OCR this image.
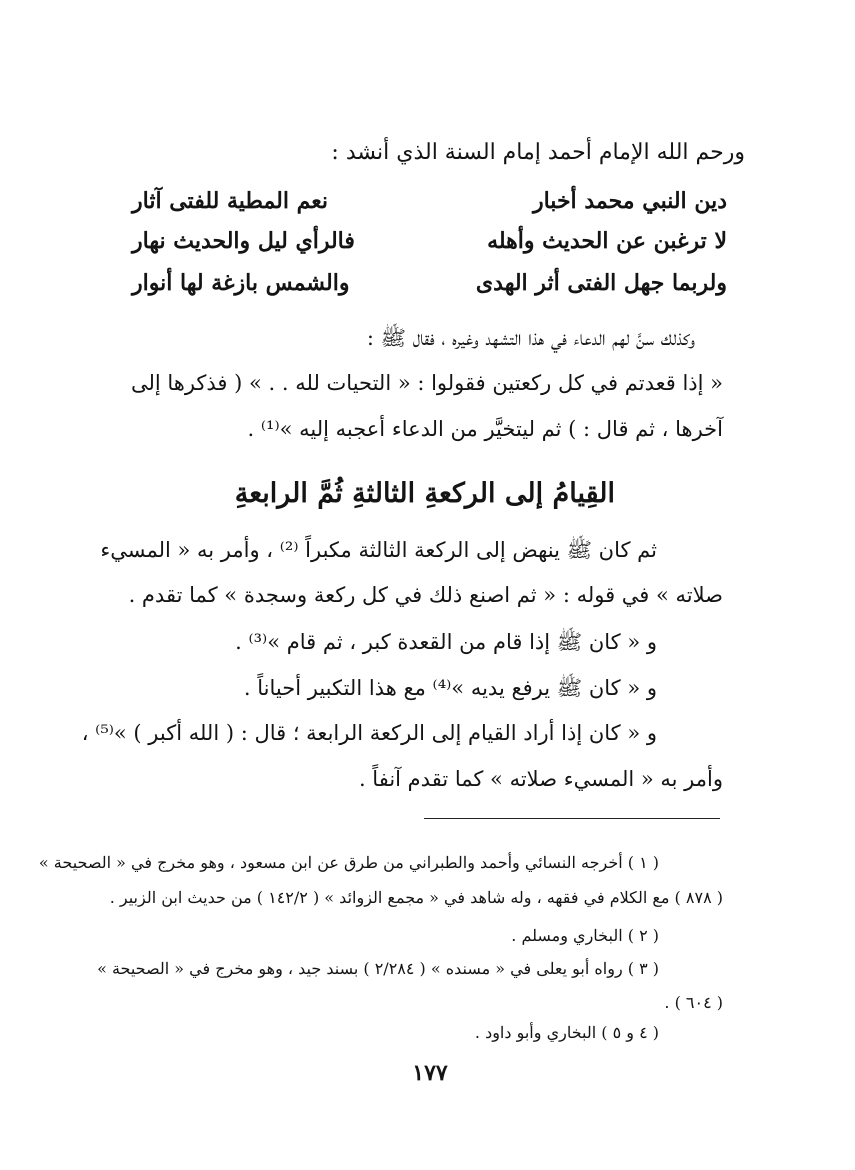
ورحم الله الإمام أحمد إمام السنة الذي أنشد :
دين النبي محمد أخبار
نعم المطية للفتى آثار
لا ترغبن عن الحديث وأهله
فالرأي ليل والحديث نهار
ولربما جهل الفتى أثر الهدى
والشمس بازغة لها أنوار
وكذلك سنَّ لهم الدعاء في هذا التشهد وغيره ، فقال ﷺ :
« إذا قعدتم في كل ركعتين فقولوا : « التحيات لله . . » ( فذكرها إلى
آخرها ، ثم قال : ) ثم ليتخيَّر من الدعاء أعجبه إليه »⁽¹⁾ .
القِيامُ إلى الركعةِ الثالثةِ ثُمَّ الرابعةِ
ثم كان ﷺ ينهض إلى الركعة الثالثة مكبراً ⁽²⁾ ، وأمر به « المسيء
صلاته » في قوله : « ثم اصنع ذلك في كل ركعة وسجدة » كما تقدم .
و « كان ﷺ إذا قام من القعدة كبر ، ثم قام »⁽³⁾ .
و « كان ﷺ يرفع يديه »⁽⁴⁾ مع هذا التكبير أحياناً .
و « كان إذا أراد القيام إلى الركعة الرابعة ؛ قال : ( الله أكبر ) »⁽⁵⁾ ،
وأمر به « المسيء صلاته » كما تقدم آنفاً .
( ١ ) أخرجه النسائي وأحمد والطبراني من طرق عن ابن مسعود ، وهو مخرج في « الصحيحة »
( ٨٧٨ ) مع الكلام في فقهه ، وله شاهد في « مجمع الزوائد » ( ١٤٢/٢ ) من حديث ابن الزبير .
( ٢ ) البخاري ومسلم .
( ٣ ) رواه أبو يعلى في « مسنده » ( ٢/٢٨٤ ) بسند جيد ، وهو مخرج في « الصحيحة »
( ٦٠٤ ) .
( ٤ و ٥ ) البخاري وأبو داود .
١٧٧
